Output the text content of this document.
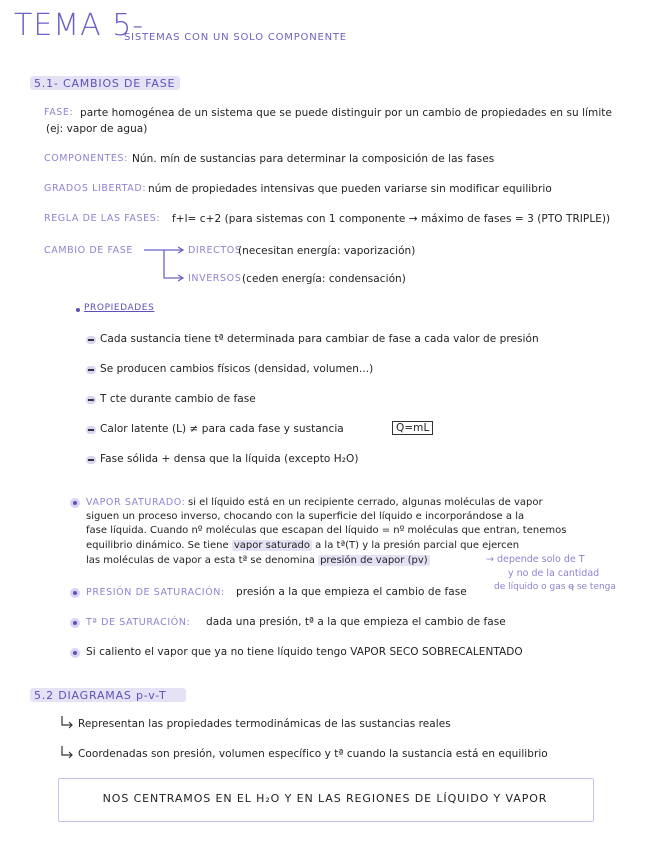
TEMA 5-
SISTEMAS CON UN SOLO COMPONENTE
5.1- CAMBIOS DE FASE
FASE: parte homogénea de un sistema que se puede distinguir por un cambio de propiedades en su límite
(ej: vapor de agua)
COMPONENTES: Nún. mín de sustancias para determinar la composición de las fases
GRADOS LIBERTAD: núm de propiedades intensivas que pueden variarse sin modificar equilibrio
REGLA DE LAS FASES: f+l= c+2 (para sistemas con 1 componente → máximo de fases = 3 (PTO TRIPLE))
CAMBIO DE FASE	DIRECTOS
(necesitan energía: vaporización)
INVERSOS (ceden energía: condensación)
PROPIEDADES
Cada sustancia tiene tª determinada para cambiar de fase a cada valor de presión
Se producen cambios físicos (densidad, volumen...)
T cte durante cambio de fase
Calor latente (L) ≠ para cada fase y sustancia	Q=mL
Fase sólida + densa que la líquida (excepto H₂O)
VAPOR SATURADO: si el líquido está en un recipiente cerrado, algunas moléculas de vapor
siguen un proceso inverso, chocando con la superficie del líquido e incorporándose a la
fase líquida. Cuando nº moléculas que escapan del líquido = nº moléculas que entran, tenemos
equilibrio dinámico. Se tiene vapor saturado a la tª(T) y la presión parcial que ejercen
las moléculas de vapor a esta tª se denomina presión de vapor (pv)	→ depende solo de T
y no de la cantidad
de líquido o gas q̶ se tenga
PRESIÓN DE SATURACIÓN: presión a la que empieza el cambio de fase
Tª DE SATURACIÓN: dada una presión, tª a la que empieza el cambio de fase
Si caliento el vapor que ya no tiene líquido tengo VAPOR SECO SOBRECALENTADO
5.2 DIAGRAMAS p-v-T
Representan las propiedades termodinámicas de las sustancias reales
Coordenadas son presión, volumen específico y tª cuando la sustancia está en equilibrio
NOS CENTRAMOS EN EL H₂O Y EN LAS REGIONES DE LÍQUIDO Y VAPOR
